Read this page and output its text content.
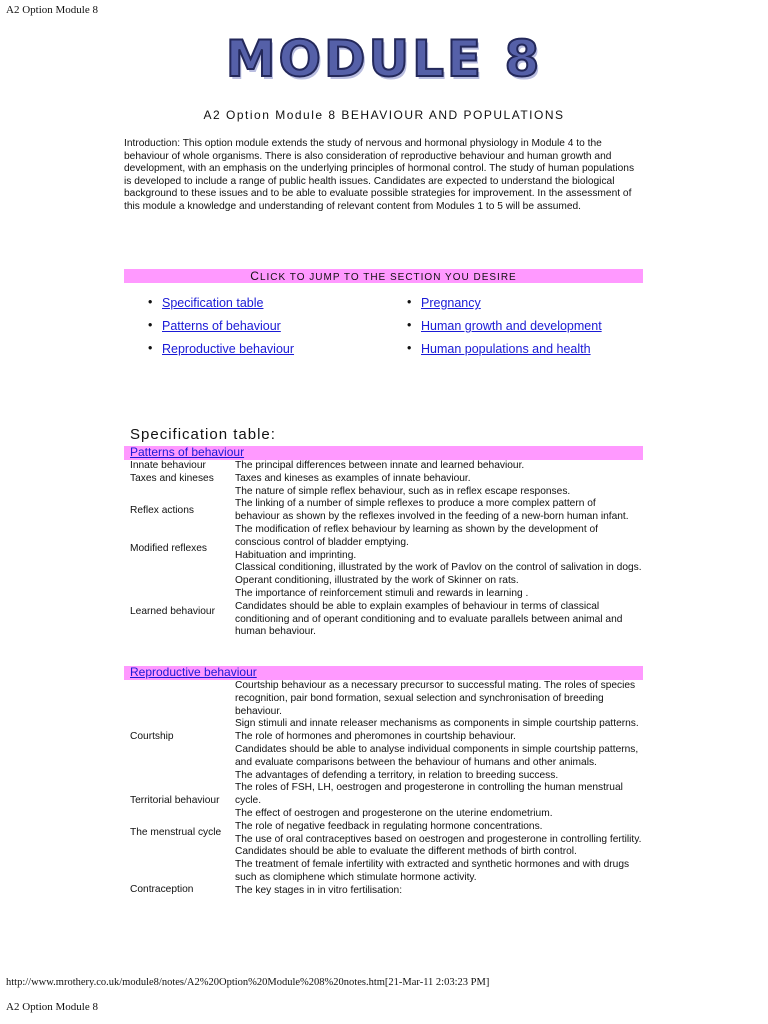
A2 Option Module 8
MODULE 8
A2 Option Module 8 BEHAVIOUR AND POPULATIONS
Introduction: This option module extends the study of nervous and hormonal physiology in Module 4 to the behaviour of whole organisms. There is also consideration of reproductive behaviour and human growth and development, with an emphasis on the underlying principles of hormonal control. The study of human populations is developed to include a range of public health issues. Candidates are expected to understand the biological background to these issues and to be able to evaluate possible strategies for improvement. In the assessment of this module a knowledge and understanding of relevant content from Modules 1 to 5 will be assumed.
CLICK TO JUMP TO THE SECTION YOU DESIRE
• Specification table
• Patterns of behaviour
• Reproductive behaviour
• Pregnancy
• Human growth and development
• Human populations and health
Specification table:
Patterns of behaviour
Innate behaviour
Taxes and kineses
Reflex actions
Modified reflexes
Learned behaviour
The principal differences between innate and learned behaviour.
Taxes and kineses as examples of innate behaviour.
The nature of simple reflex behaviour, such as in reflex escape responses.
The linking of a number of simple reflexes to produce a more complex pattern of behaviour as shown by the reflexes involved in the feeding of a new-born human infant.
The modification of reflex behaviour by learning as shown by the development of conscious control of bladder emptying.
Habituation and imprinting.
Classical conditioning, illustrated by the work of Pavlov on the control of salivation in dogs.
Operant conditioning, illustrated by the work of Skinner on rats.
The importance of reinforcement stimuli and rewards in learning .
Candidates should be able to explain examples of behaviour in terms of classical conditioning and of operant conditioning and to evaluate parallels between animal and human behaviour.
Reproductive behaviour
Courtship
Territorial behaviour
The menstrual cycle
Contraception
Courtship behaviour as a necessary precursor to successful mating. The roles of species recognition, pair bond formation, sexual selection and synchronisation of breeding behaviour.
Sign stimuli and innate releaser mechanisms as components in simple courtship patterns.
The role of hormones and pheromones in courtship behaviour.
Candidates should be able to analyse individual components in simple courtship patterns, and evaluate comparisons between the behaviour of humans and other animals.
The advantages of defending a territory, in relation to breeding success.
The roles of FSH, LH, oestrogen and progesterone in controlling the human menstrual cycle.
The effect of oestrogen and progesterone on the uterine endometrium.
The role of negative feedback in regulating hormone concentrations.
The use of oral contraceptives based on oestrogen and progesterone in controlling fertility.
Candidates should be able to evaluate the different methods of birth control.
The treatment of female infertility with extracted and synthetic hormones and with drugs such as clomiphene which stimulate hormone activity.
The key stages in in vitro fertilisation:
http://www.mrothery.co.uk/module8/notes/A2%20Option%20Module%208%20notes.htm[21-Mar-11 2:03:23 PM]
A2 Option Module 8
